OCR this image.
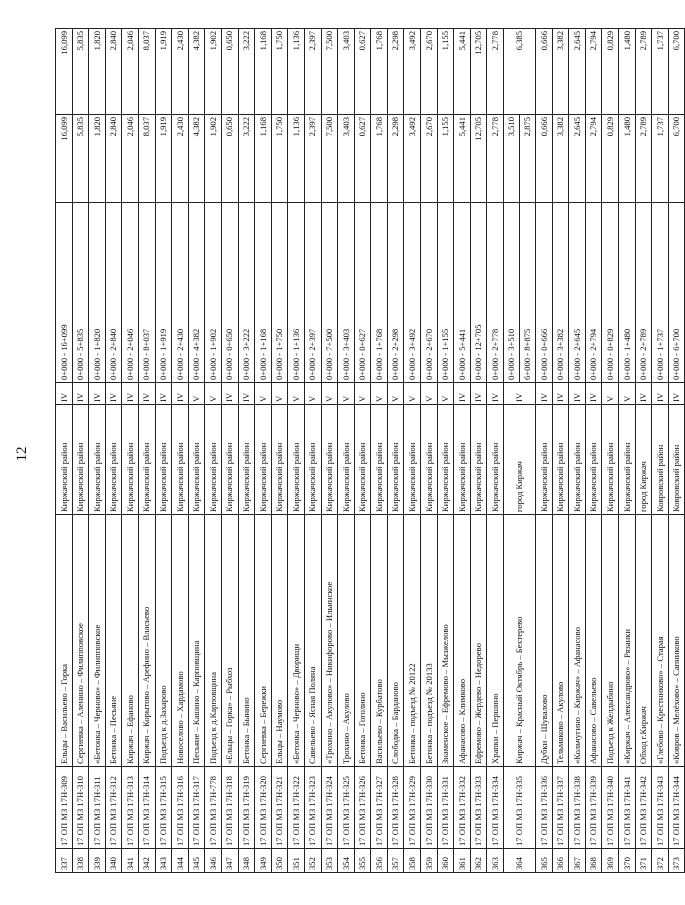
12
337	17 ОП МЗ 17Н-309	Ельцы – Васильево – Горка	Киржачский район	IV	0+000 - 16+099	16,099	16,099
338	17 ОП МЗ 17Н-310	Сергиевка – Аленино – Филипповское	Киржачский район	IV	0+000 - 5+835	5,835	5,835
339	17 ОП МЗ 17Н-311	«Бетонка – Черново» – Филипповское	Киржачский район	IV	0+000 - 1+820	1,820	1,820
340	17 ОП МЗ 17Н-312	Бетонка – Песьяне	Киржачский район	IV	0+000 - 2+840	2,840	2,840
341	17 ОП МЗ 17Н-313	Киржач – Ефаново	Киржачский район	IV	0+000 - 2+046	2,046	2,046
342	17 ОП МЗ 17Н-314	Киржач – Корытово – Арефино – Власьево	Киржачский район	IV	0+000 - 8+037	8,037	8,037
343	17 ОП МЗ 17Н-315	Подъезд к д.Захарово	Киржачский район	IV	0+000 - 1+919	1,919	1,919
344	17 ОП МЗ 17Н-316	Новоселово – Хардамово	Киржачский район	IV	0+000 - 2+430	2,430	2,430
345	17 ОП МЗ 17Н-317	Песьяне – Кашино – Карповщина	Киржачский район	V	0+000 - 4+382	4,382	4,382
346	17 ОП МЗ 17Н-778	Подъезд к д.Карповщина	Киржачский район	V	0+000 - 1+902	1,902	1,902
347	17 ОП МЗ 17Н-318	«Ельцы – Горка» – Рыбхоз	Киржачский район	IV	0+000 - 0+650	0,650	0,650
348	17 ОП МЗ 17Н-319	Бетонка – Бынино	Киржачский район	IV	0+000 - 3+222	3,222	3,222
349	17 ОП МЗ 17Н-320	Сергиевка – Бережки	Киржачский район	V	0+000 - 1+168	1,168	1,168
350	17 ОП МЗ 17Н-321	Ельцы – Наумово	Киржачский район	V	0+000 - 1+750	1,750	1,750
351	17 ОП МЗ 17Н-322	«Бетонка – Черново» – Дворищи	Киржачский район	V	0+000 - 1+136	1,136	1,136
352	17 ОП МЗ 17Н-323	Савельево – Ясная Поляна	Киржачский район	V	0+000 - 2+397	2,397	2,397
353	17 ОП МЗ 17Н-324	«Трохино – Акулово» – Никифорово – Ильинское	Киржачский район	V	0+000 - 7+500	7,500	7,500
354	17 ОП МЗ 17Н-325	Трохино – Акулово	Киржачский район	V	0+000 - 3+403	3,403	3,403
355	17 ОП МЗ 17Н-326	Бетонка – Гоголино	Киржачский район	V	0+000 - 0+627	0,627	0,627
356	17 ОП МЗ 17Н-327	Васильево – Курбатово	Киржачский район	V	0+000 - 1+768	1,768	1,768
357	17 ОП МЗ 17Н-328	Слободка – Барданово	Киржачский район	V	0+000 - 2+298	2,298	2,298
358	17 ОП МЗ 17Н-329	Бетонка – подъезд № 20122	Киржачский район	V	0+000 - 3+492	3,492	3,492
359	17 ОП МЗ 17Н-330	Бетонка – подъезд № 20133	Киржачский район	V	0+000 - 2+670	2,670	2,670
360	17 ОП МЗ 17Н-331	Знаменское – Ефремово – Мызжелово	Киржачский район	V	0+000 - 1+155	1,155	1,155
361	17 ОП МЗ 17Н-332	Афанасово – Климково	Киржачский район	IV	0+000 - 5+441	5,441	5,441
362	17 ОП МЗ 17Н-333	Ефремово – Жердево – Недорево	Киржачский район	IV	0+000 - 12+705	12,705	12,705
363	17 ОП МЗ 17Н-334	Храпки – Першино	Киржачский район	IV	0+000 - 2+778	2,778	2,778
364	17 ОП МЗ 17Н-335	Киржач – Красный Октябрь – Бехтерево	город Киржач	IV	0+000 - 3+510 6+000 - 8+875	3,510 2,875	6,385
365	17 ОП МЗ 17Н-336	Дубки – Шувалово	Киржачский район	IV	0+000 - 0+666	0,666	0,666
366	17 ОП МЗ 17Н-337	Тельмяково – Акулово	Киржачский район	IV	0+000 - 3+382	3,382	3,382
367	17 ОП МЗ 17Н-338	«Кольчугино – Киржач» – Афанасово	Киржачский район	IV	0+000 - 2+645	2,645	2,645
368	17 ОП МЗ 17Н-339	Афанасово – Савельево	Киржачский район	IV	0+000 - 2+794	2,794	2,794
369	17 ОП МЗ 17Н-340	Подъезд к Желдыбино	Киржачский район	V	0+000 - 0+829	0,829	0,829
370	17 ОП МЗ 17Н-341	«Киржач – Александрово» – Рязанки	Киржачский район	V	0+000 - 1+480	1,480	1,480
371	17 ОП МЗ 17Н-342	Обход г.Киржач	город Киржач	IV	0+000 - 2+789	2,789	2,789
372	17 ОП МЗ 17Н-343	«Глебово – Крестниково» – Старая	Ковровский район	IV	0+000 - 1+737	1,737	1,737
373	17 ОП МЗ 17Н-344	«Ковров – Мелёхово» – Сапниково	Ковровский район	IV	0+000 - 6+700	6,700	6,700
